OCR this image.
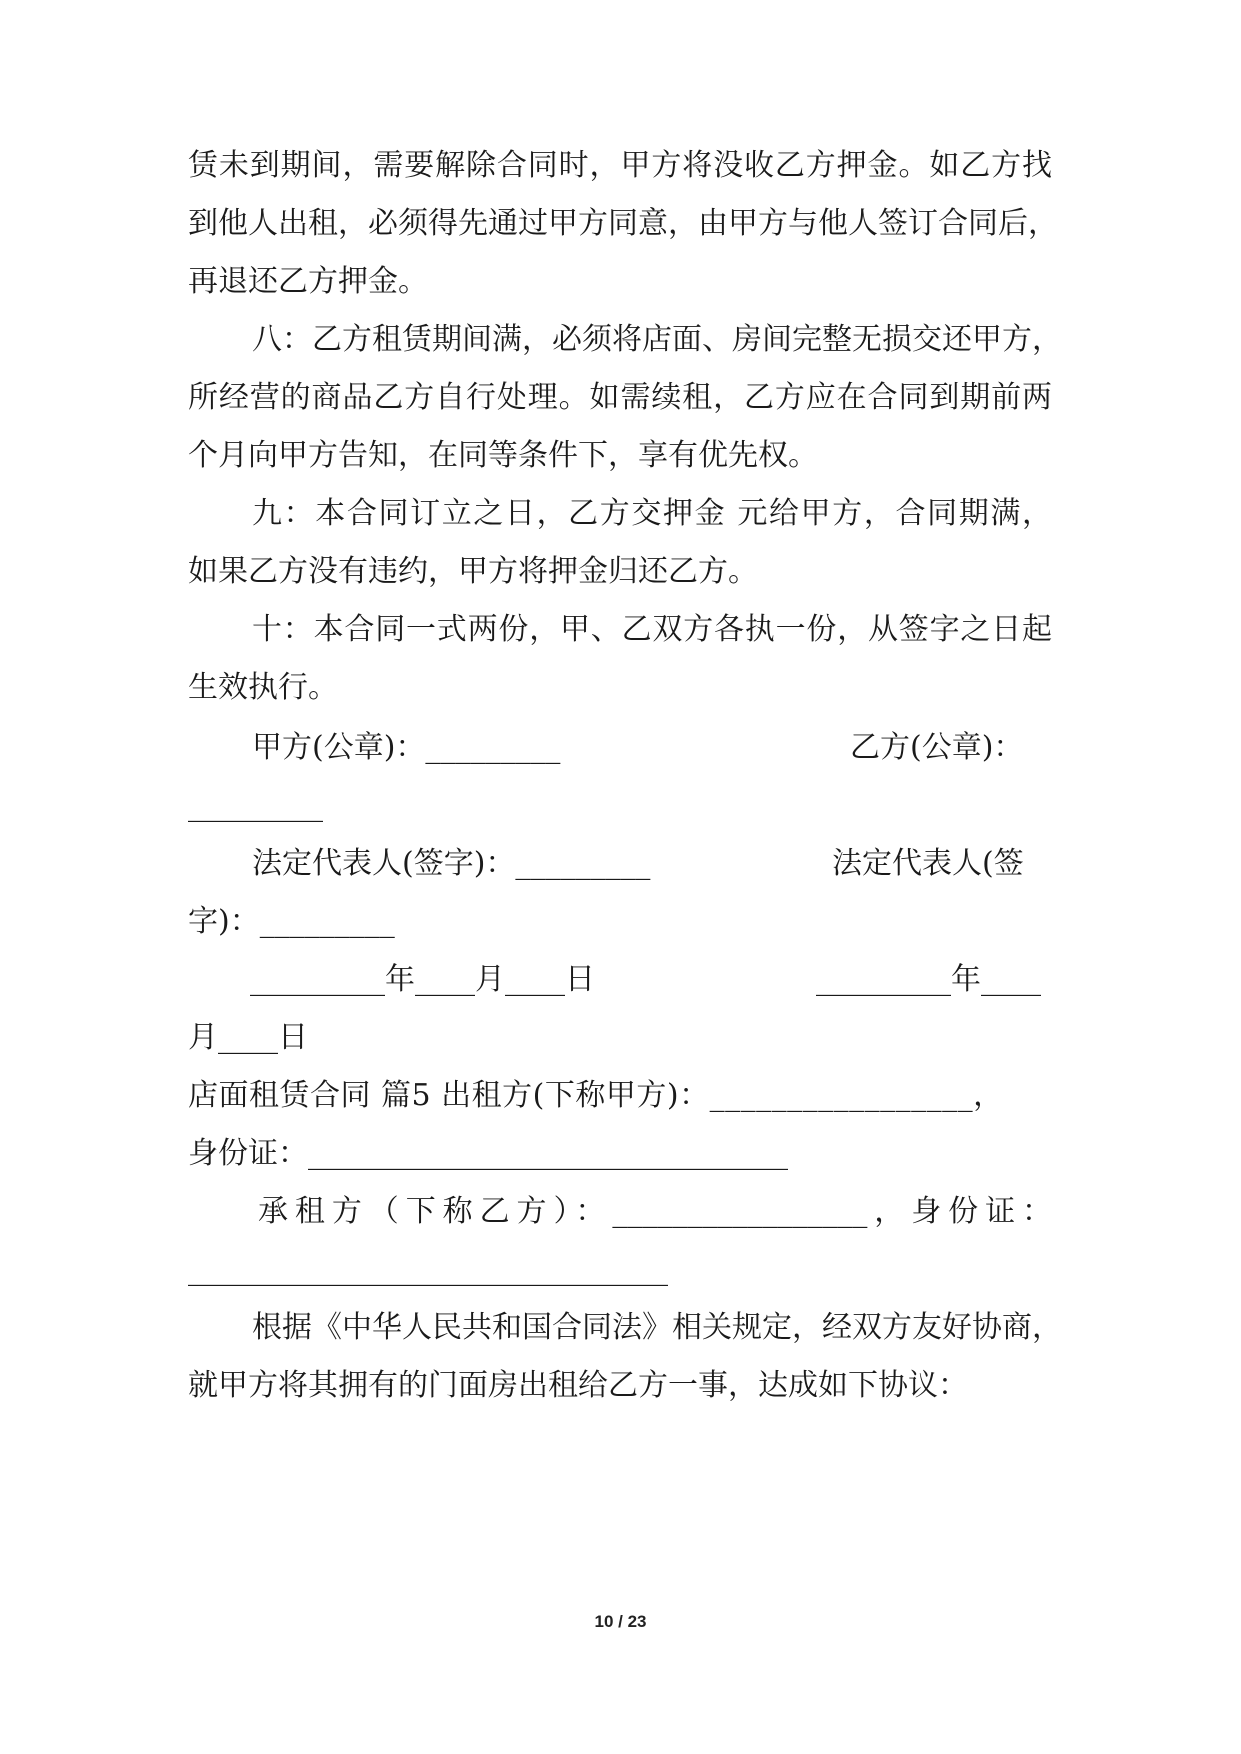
赁未到期间，需要解除合同时，甲方将没收乙方押金。如乙方找
到他人出租，必须得先通过甲方同意，由甲方与他人签订合同后，
再退还乙方押金。
八：乙方租赁期间满，必须将店面、房间完整无损交还甲方，
所经营的商品乙方自行处理。如需续租，乙方应在合同到期前两
个月向甲方告知，在同等条件下，享有优先权。
九：本合同订立之日，乙方交押金 元给甲方，合同期满，
如果乙方没有违约，甲方将押金归还乙方。
十：本合同一式两份，甲、乙双方各执一份，从签字之日起
生效执行。
甲方(公章)：_________	乙方(公章)：
_________
法定代表人(签字)：_________	法定代表人(签
字)：_________
_________年____月____日	_________年____
月____日
店面租赁合同 篇5 出租方(下称甲方)：_________________，
身份证：________________________________
承租方（下称乙方）：_________________，身份证：
________________________________
根据《中华人民共和国合同法》相关规定，经双方友好协商，
就甲方将其拥有的门面房出租给乙方一事，达成如下协议：
10 / 23
